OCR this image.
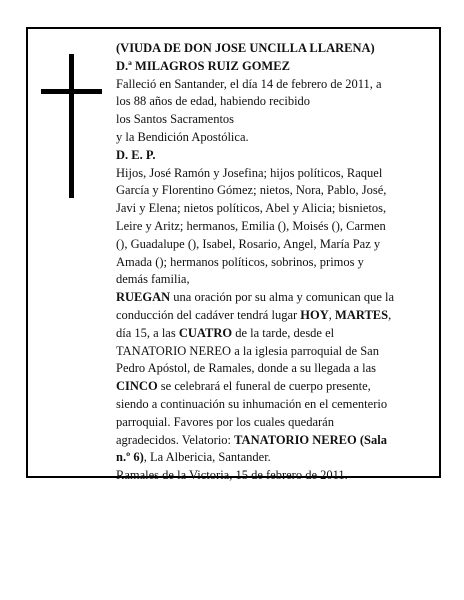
(VIUDA DE DON JOSE UNCILLA LLARENA)

D.ª MILAGROS RUIZ GOMEZ

Falleció en Santander, el día 14 de febrero de 2011, a

los 88 años de edad, habiendo recibido

los Santos Sacramentos

y la Bendición Apostólica.

D. E. P.

Hijos, José Ramón y Josefina; hijos políticos, Raquel

García y Florentino Gómez; nietos, Nora, Pablo, José,

Javi y Elena; nietos políticos, Abel y Alicia; bisnietos,

Leire y Aritz; hermanos, Emilia (), Moisés (), Carmen

(), Guadalupe (), Isabel, Rosario, Angel, María Paz y

Amada (); hermanos políticos, sobrinos, primos y

demás familia,

RUEGAN una oración por su alma y comunican que la

conducción del cadáver tendrá lugar HOY, MARTES,

día 15, a las CUATRO de la tarde, desde el

TANATORIO NEREO a la iglesia parroquial de San

Pedro Apóstol, de Ramales, donde a su llegada a las

CINCO se celebrará el funeral de cuerpo presente,

siendo a continuación su inhumación en el cementerio

parroquial. Favores por los cuales quedarán

agradecidos. Velatorio: TANATORIO NEREO (Sala

n.º 6), La Albericia, Santander.

Ramales de la Victoria, 15 de febrero de 2011.
